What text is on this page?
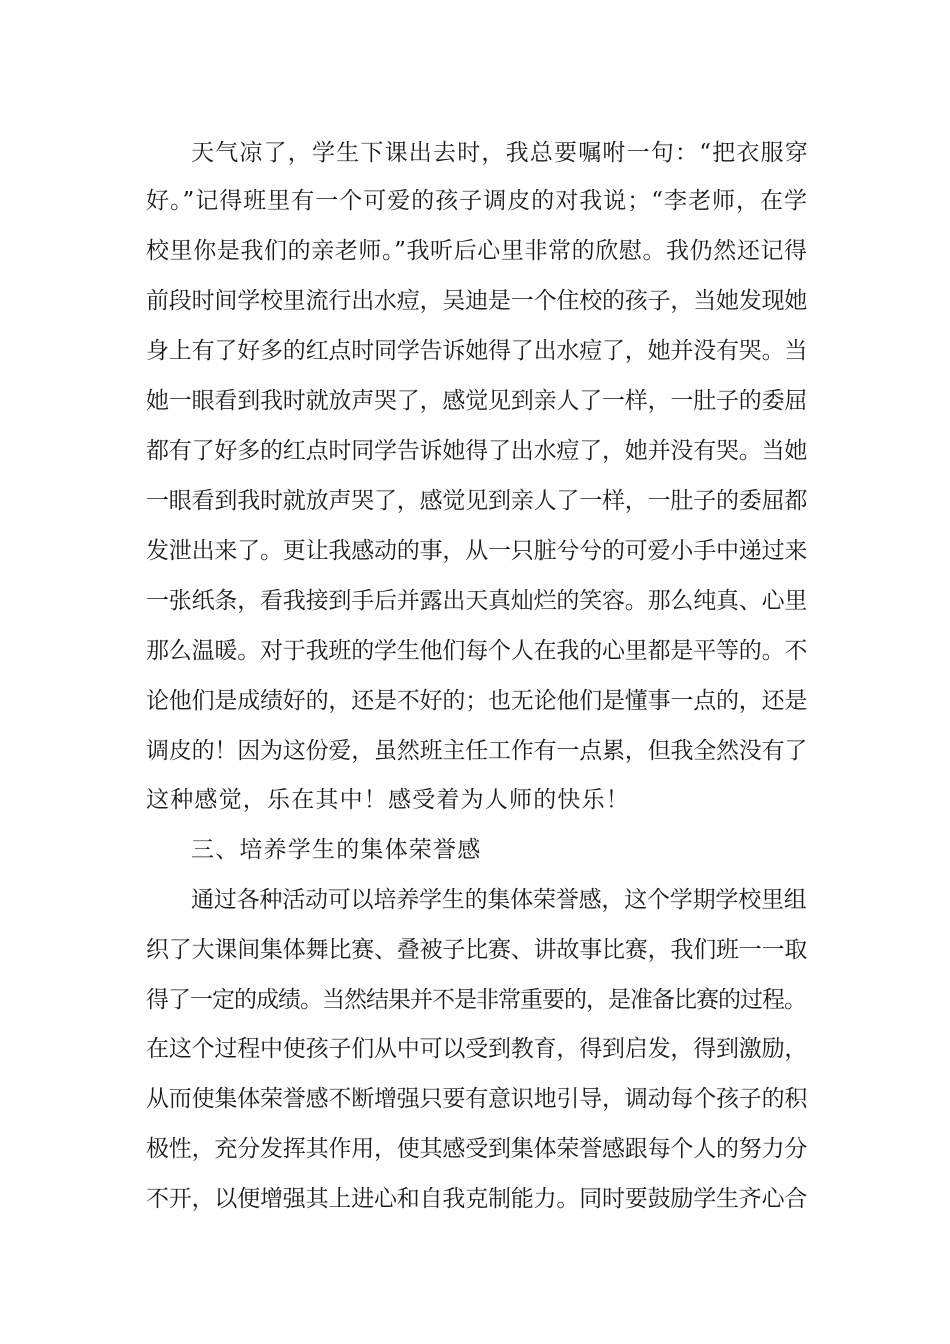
天气凉了，学生下课出去时，我总要嘱咐一句：“把衣服穿
好。”记得班里有一个可爱的孩子调皮的对我说；“李老师，在学
校里你是我们的亲老师。”我听后心里非常的欣慰。我仍然还记得
前段时间学校里流行出水痘，吴迪是一个住校的孩子，当她发现她
身上有了好多的红点时同学告诉她得了出水痘了，她并没有哭。当
她一眼看到我时就放声哭了，感觉见到亲人了一样，一肚子的委屈
都有了好多的红点时同学告诉她得了出水痘了，她并没有哭。当她
一眼看到我时就放声哭了，感觉见到亲人了一样，一肚子的委屈都
发泄出来了。更让我感动的事，从一只脏兮兮的可爱小手中递过来
一张纸条，看我接到手后并露出天真灿烂的笑容。那么纯真、心里
那么温暖。对于我班的学生他们每个人在我的心里都是平等的。不
论他们是成绩好的，还是不好的；也无论他们是懂事一点的，还是
调皮的！因为这份爱，虽然班主任工作有一点累，但我全然没有了
这种感觉，乐在其中！感受着为人师的快乐！
三、培养学生的集体荣誉感
通过各种活动可以培养学生的集体荣誉感，这个学期学校里组
织了大课间集体舞比赛、叠被子比赛、讲故事比赛，我们班一一取
得了一定的成绩。当然结果并不是非常重要的，是准备比赛的过程。
在这个过程中使孩子们从中可以受到教育，得到启发，得到激励，
从而使集体荣誉感不断增强只要有意识地引导，调动每个孩子的积
极性，充分发挥其作用，使其感受到集体荣誉感跟每个人的努力分
不开，以便增强其上进心和自我克制能力。同时要鼓励学生齐心合
